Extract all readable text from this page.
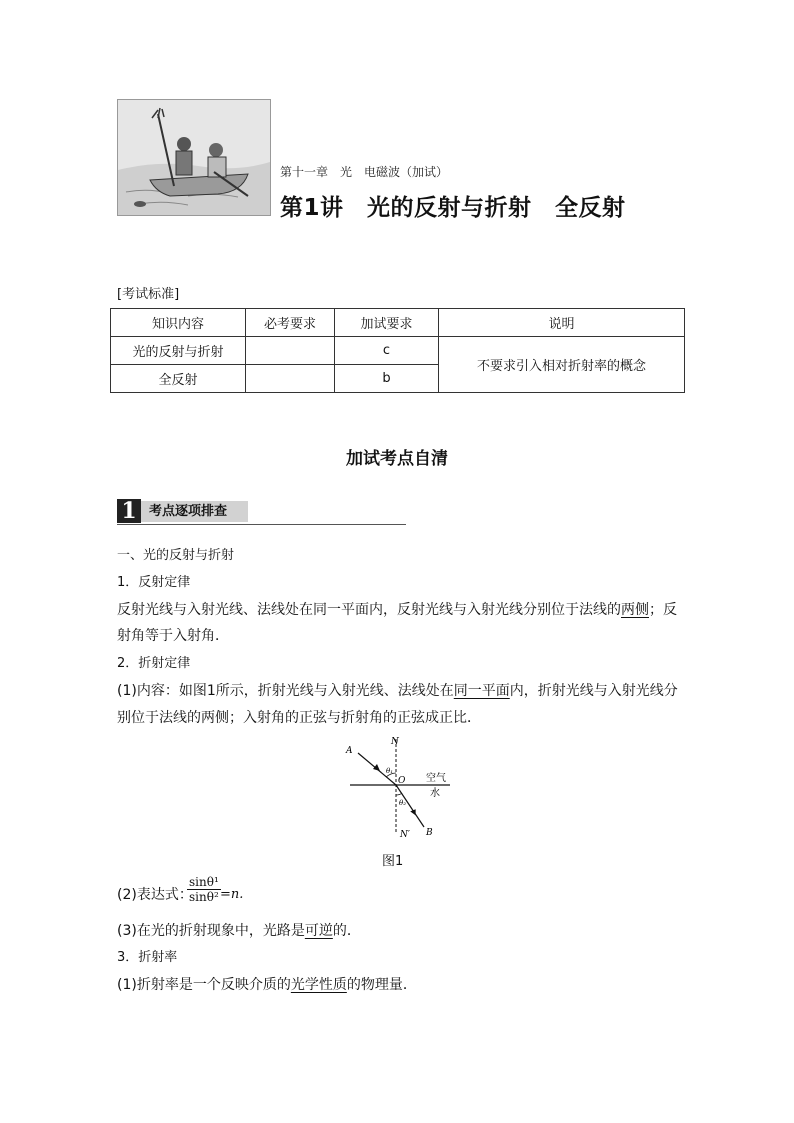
第十一章　光　电磁波（加试）
第1讲　光的反射与折射　全反射
[考试标准]
知识内容	必考要求	加试要求	说明
光的反射与折射		c	不要求引入相对折射率的概念
全反射		b	
加试考点自清
1 考点逐项排查
一、光的反射与折射
1．反射定律
反射光线与入射光线、法线处在同一平面内，反射光线与入射光线分别位于法线的两侧；反
射角等于入射角．
2．折射定律
(1)内容：如图1所示，折射光线与入射光线、法线处在同一平面内，折射光线与入射光线分
别位于法线的两侧；入射角的正弦与折射角的正弦成正比．
N
N′
A
B
O
θ₁
θ₂
空气
水
图1
(2)表达式：
$\frac{\text{sinθ¹}}{\text{sinθ²}} =n$.
(3)在光的折射现象中，光路是可逆的．
3．折射率
(1)折射率是一个反映介质的光学性质的物理量．
